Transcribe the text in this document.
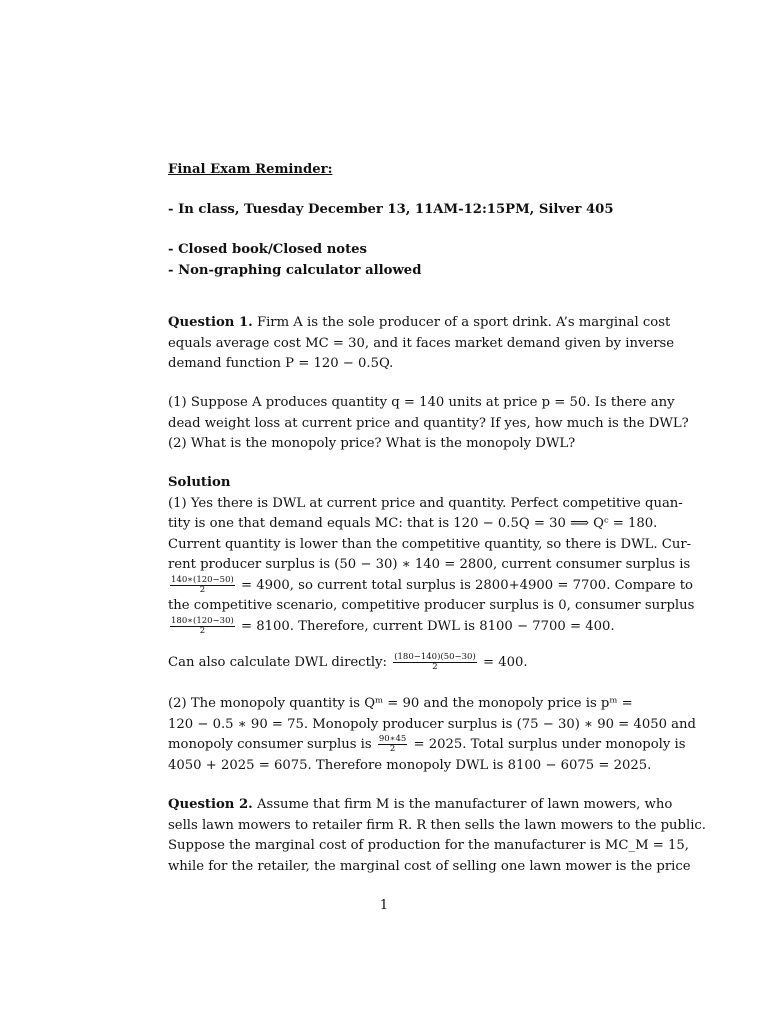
Final Exam Reminder:
- In class, Tuesday December 13, 11AM-12:15PM, Silver 405
- Closed book/Closed notes
- Non-graphing calculator allowed
Question 1. Firm A is the sole producer of a sport drink. A’s marginal cost
equals average cost MC = 30, and it faces market demand given by inverse
demand function P = 120 − 0.5Q.
(1) Suppose A produces quantity q = 140 units at price p = 50. Is there any
dead weight loss at current price and quantity? If yes, how much is the DWL?
(2) What is the monopoly price? What is the monopoly DWL?
Solution
(1) Yes there is DWL at current price and quantity. Perfect competitive quan-
tity is one that demand equals MC: that is 120 − 0.5Q = 30 ⟹ Qᶜ = 180.
Current quantity is lower than the competitive quantity, so there is DWL. Cur-
rent producer surplus is (50 − 30) ∗ 140 = 2800, current consumer surplus is
$\frac{140∗(120-50)}{2} = 4900$, so current total surplus is 2800+4900 = 7700. Compare to
the competitive scenario, competitive producer surplus is 0, consumer surplus
$\frac{180∗(120-30)}{2} = 8100$. Therefore, current DWL is 8100 − 7700 = 400.
Can also calculate DWL directly: $\frac{(180-140)(50-30)}{2} = 400$.
(2) The monopoly quantity is Qᵐ = 90 and the monopoly price is pᵐ =
120 − 0.5 ∗ 90 = 75. Monopoly producer surplus is (75 − 30) ∗ 90 = 4050 and
monopoly consumer surplus is $\frac{90∗45}{2} = 2025$. Total surplus under monopoly is
4050 + 2025 = 6075. Therefore monopoly DWL is 8100 − 6075 = 2025.
Question 2. Assume that firm M is the manufacturer of lawn mowers, who
sells lawn mowers to retailer firm R. R then sells the lawn mowers to the public.
Suppose the marginal cost of production for the manufacturer is MC_M = 15,
while for the retailer, the marginal cost of selling one lawn mower is the price
1
